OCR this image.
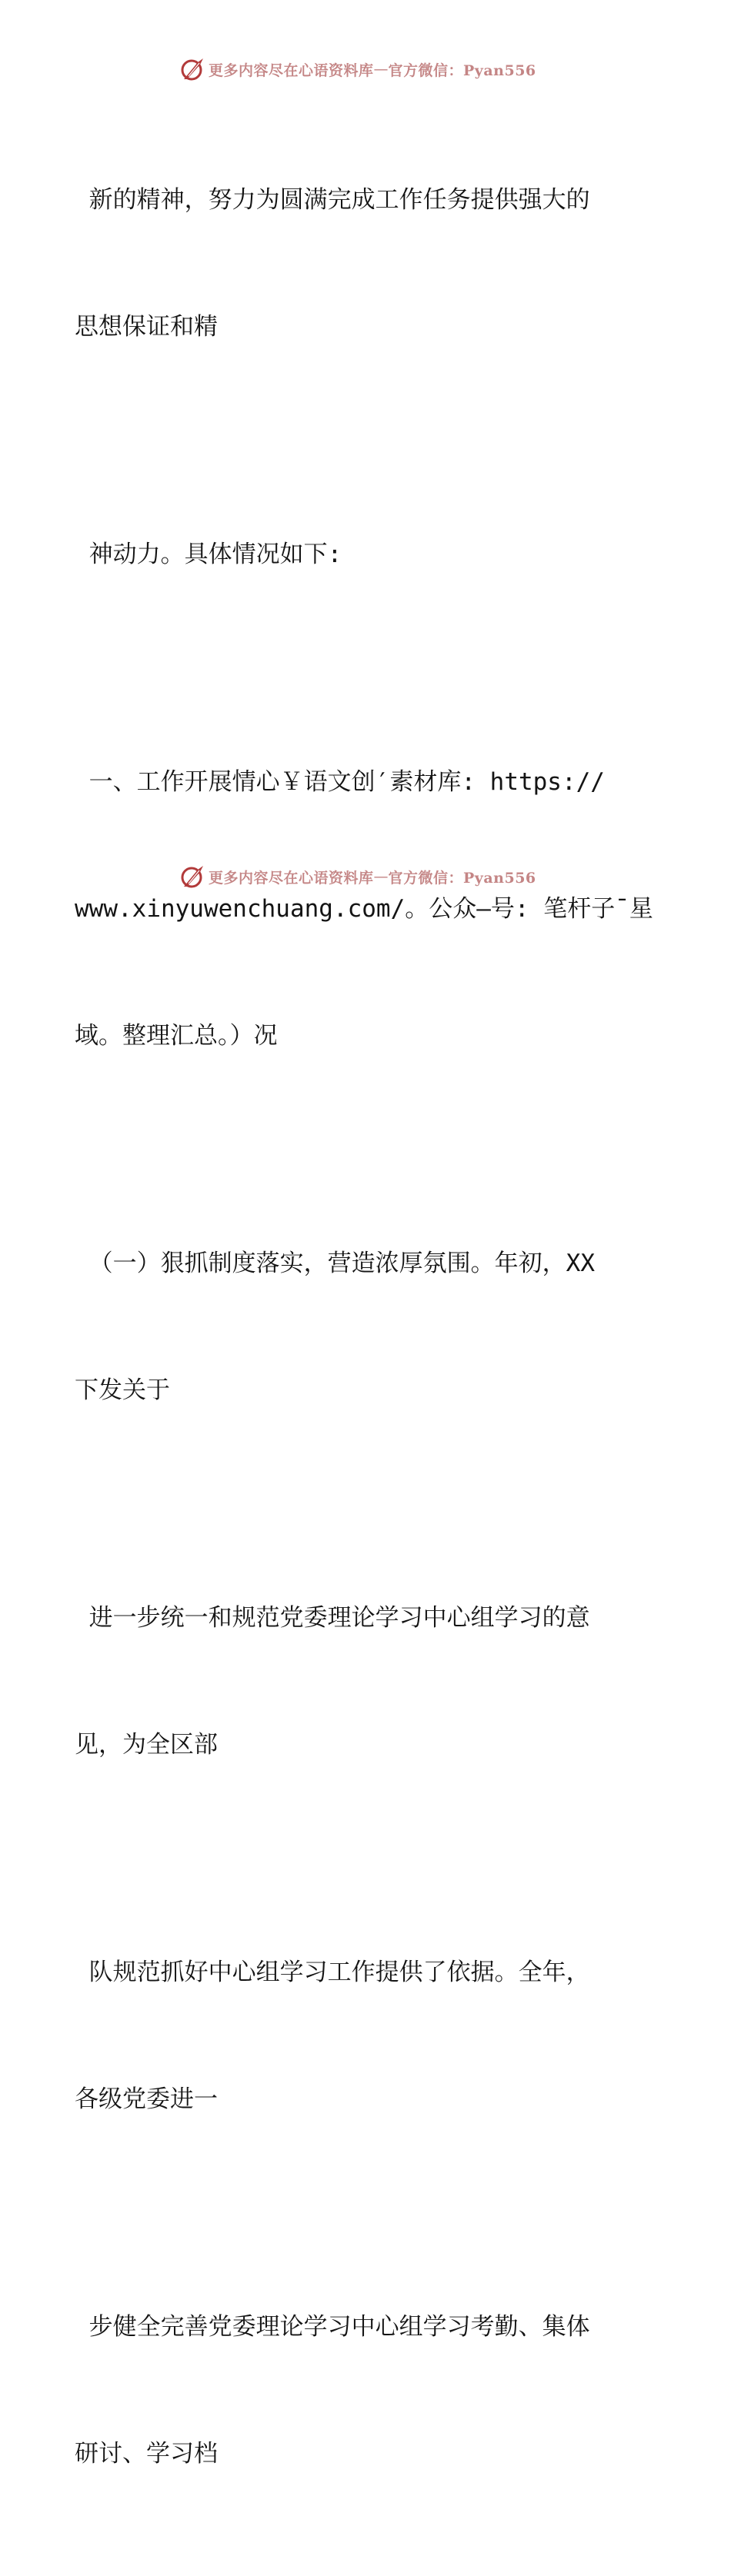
更多内容尽在心语资料库 — 官方微信：Pyan556

新的精神，努力为圆满完成工作任务提供强大的

思想保证和精

神动力。具体情况如下:

一、工作开展情心￥语文创′素材库: https://

www.xinyuwenchuang.com/。公众—号: 笔杆子¯星

域。整理汇总。）况

（一）狠抓制度落实，营造浓厚氛围。年初，XX

下发关于

进一步统一和规范党委理论学习中心组学习的意

见，为全区部

队规范抓好中心组学习工作提供了依据。全年，

各级党委进一

步健全完善党委理论学习中心组学习考勤、集体

研讨、学习档

更多内容尽在心语资料库 — 官方微信：Pyan556
